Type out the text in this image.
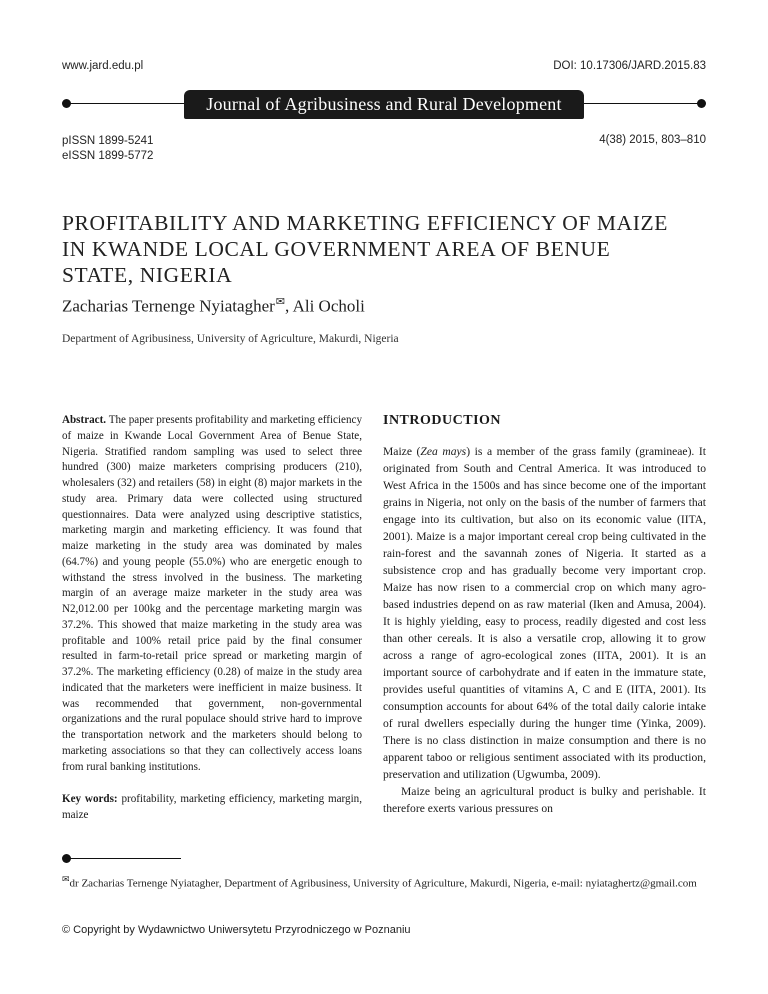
www.jard.edu.pl	DOI: 10.17306/JARD.2015.83
Journal of Agribusiness and Rural Development
pISSN 1899-5241
eISSN 1899-5772
4(38) 2015, 803–810
PROFITABILITY AND MARKETING EFFICIENCY OF MAIZE IN KWANDE LOCAL GOVERNMENT AREA OF BENUE STATE, NIGERIA
Zacharias Ternenge Nyiatagher✉, Ali Ocholi
Department of Agribusiness, University of Agriculture, Makurdi, Nigeria

Abstract. The paper presents profitability and marketing efficiency of maize in Kwande Local Government Area of Benue State, Nigeria. Stratified random sampling was used to select three hundred (300) maize marketers comprising producers (210), wholesalers (32) and retailers (58) in eight (8) major markets in the study area. Primary data were collected using structured questionnaires. Data were analyzed using descriptive statistics, marketing margin and marketing efficiency. It was found that maize marketing in the study area was dominated by males (64.7%) and young people (55.0%) who are energetic enough to withstand the stress involved in the business. The marketing margin of an average maize marketer in the study area was N2,012.00 per 100kg and the percentage marketing margin was 37.2%. This showed that maize marketing in the study area was profitable and 100% retail price paid by the final consumer resulted in farm-to-retail price spread or marketing margin of 37.2%. The marketing efficiency (0.28) of maize in the study area indicated that the marketers were inefficient in maize business. It was recommended that government, non-governmental organizations and the rural populace should strive hard to improve the transportation network and the marketers should belong to marketing associations so that they can collectively access loans from rural banking institutions.

Key words: profitability, marketing efficiency, marketing margin, maize

INTRODUCTION

Maize (Zea mays) is a member of the grass family (gramineae). It originated from South and Central America. It was introduced to West Africa in the 1500s and has since become one of the important grains in Nigeria, not only on the basis of the number of farmers that engage into its cultivation, but also on its economic value (IITA, 2001). Maize is a major important cereal crop being cultivated in the rain-forest and the savannah zones of Nigeria. It started as a subsistence crop and has gradually become very important crop. Maize has now risen to a commercial crop on which many agro-based industries depend on as raw material (Iken and Amusa, 2004). It is highly yielding, easy to process, readily digested and cost less than other cereals. It is also a versatile crop, allowing it to grow across a range of agro-ecological zones (IITA, 2001). It is an important source of carbohydrate and if eaten in the immature state, provides useful quantities of vitamins A, C and E (IITA, 2001). Its consumption accounts for about 64% of the total daily calorie intake of rural dwellers especially during the hunger time (Yinka, 2009). There is no class distinction in maize consumption and there is no apparent taboo or religious sentiment associated with its production, preservation and utilization (Ugwumba, 2009).

Maize being an agricultural product is bulky and perishable. It therefore exerts various pressures on

✉dr Zacharias Ternenge Nyiatagher, Department of Agribusiness, University of Agriculture, Makurdi, Nigeria, e-mail: nyiataghertz@gmail.com
© Copyright by Wydawnictwo Uniwersytetu Przyrodniczego w Poznaniu
